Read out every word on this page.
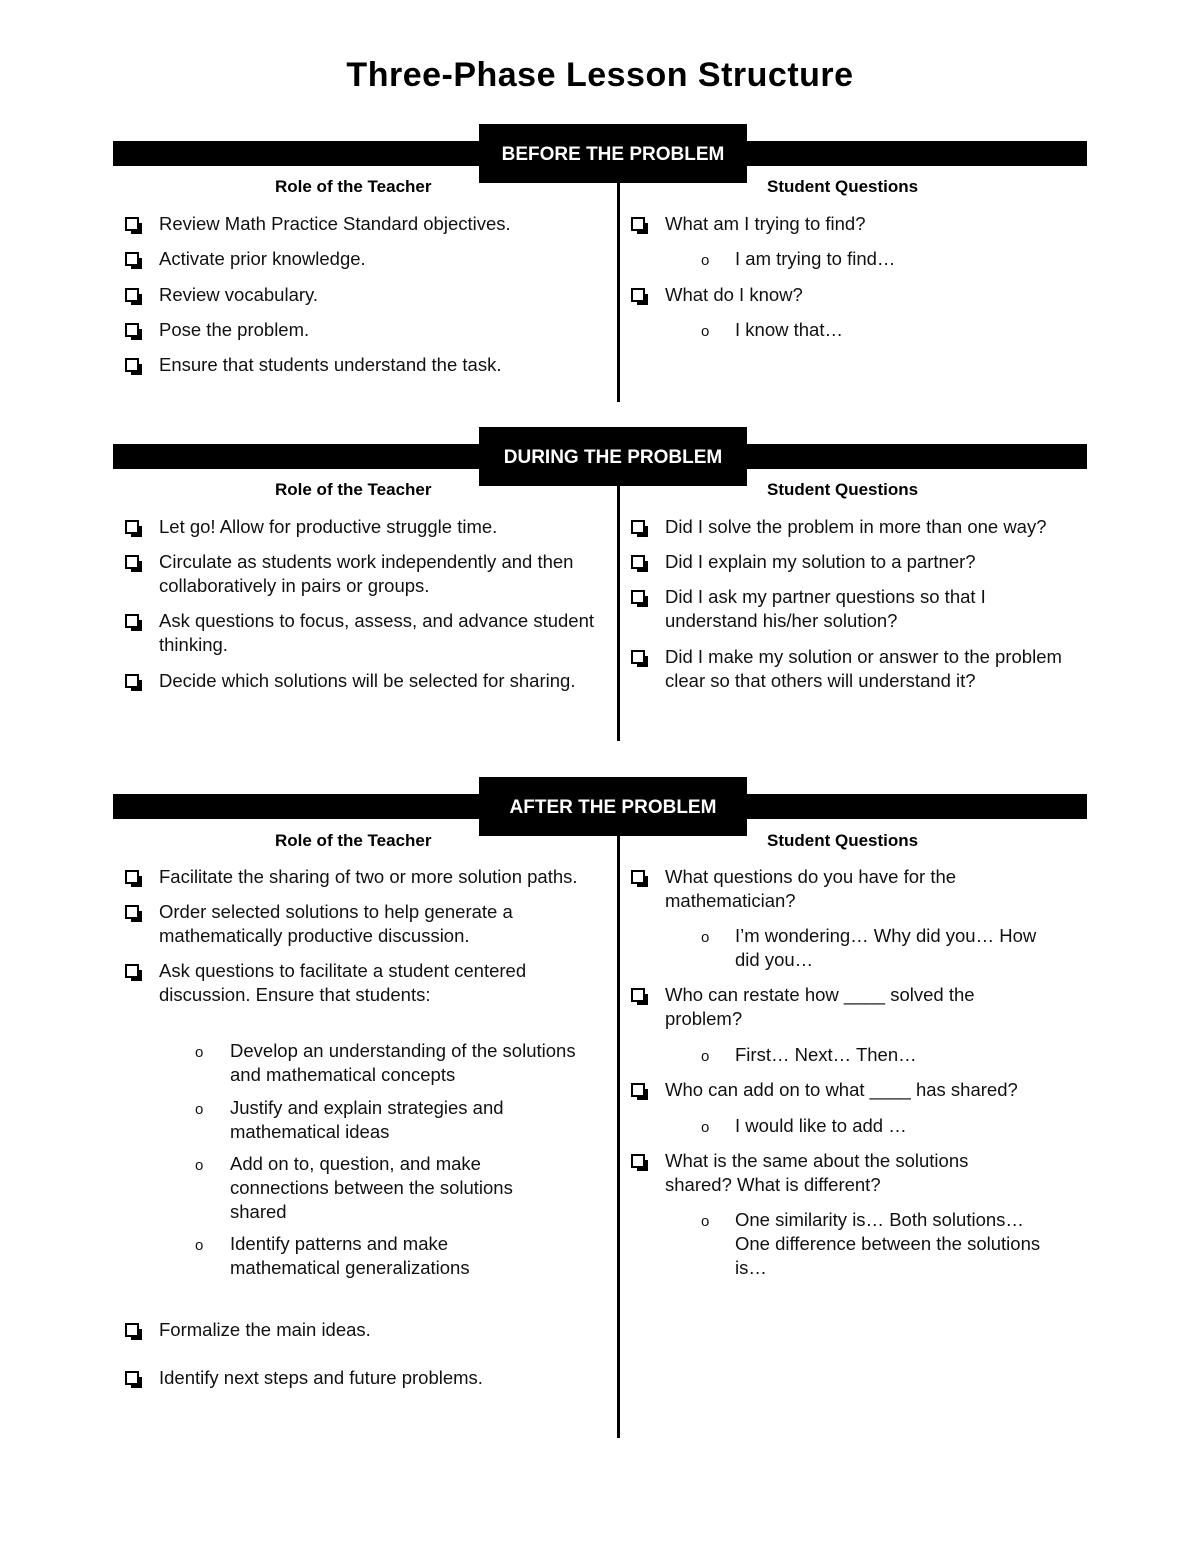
Three-Phase Lesson Structure
BEFORE THE PROBLEM
Role of the Teacher	Student Questions
Review Math Practice Standard objectives.
Activate prior knowledge.
Review vocabulary.
Pose the problem.
Ensure that students understand the task.
What am I trying to find?
o I am trying to find…
What do I know?
o I know that…
DURING THE PROBLEM
Role of the Teacher	Student Questions
Let go! Allow for productive struggle time.
Circulate as students work independently and then collaboratively in pairs or groups.
Ask questions to focus, assess, and advance student thinking.
Decide which solutions will be selected for sharing.
Did I solve the problem in more than one way?
Did I explain my solution to a partner?
Did I ask my partner questions so that I understand his/her solution?
Did I make my solution or answer to the problem clear so that others will understand it?
AFTER THE PROBLEM
Role of the Teacher	Student Questions
Facilitate the sharing of two or more solution paths.
Order selected solutions to help generate a mathematically productive discussion.
Ask questions to facilitate a student centered discussion. Ensure that students:
o Develop an understanding of the solutions and mathematical concepts
o Justify and explain strategies and mathematical ideas
o Add on to, question, and make connections between the solutions shared
o Identify patterns and make mathematical generalizations
Formalize the main ideas.
Identify next steps and future problems.
What questions do you have for the mathematician?
o I’m wondering… Why did you… How did you…
Who can restate how ____ solved the problem?
o First… Next… Then…
Who can add on to what ____ has shared?
o I would like to add …
What is the same about the solutions shared? What is different?
o One similarity is… Both solutions… One difference between the solutions is…
